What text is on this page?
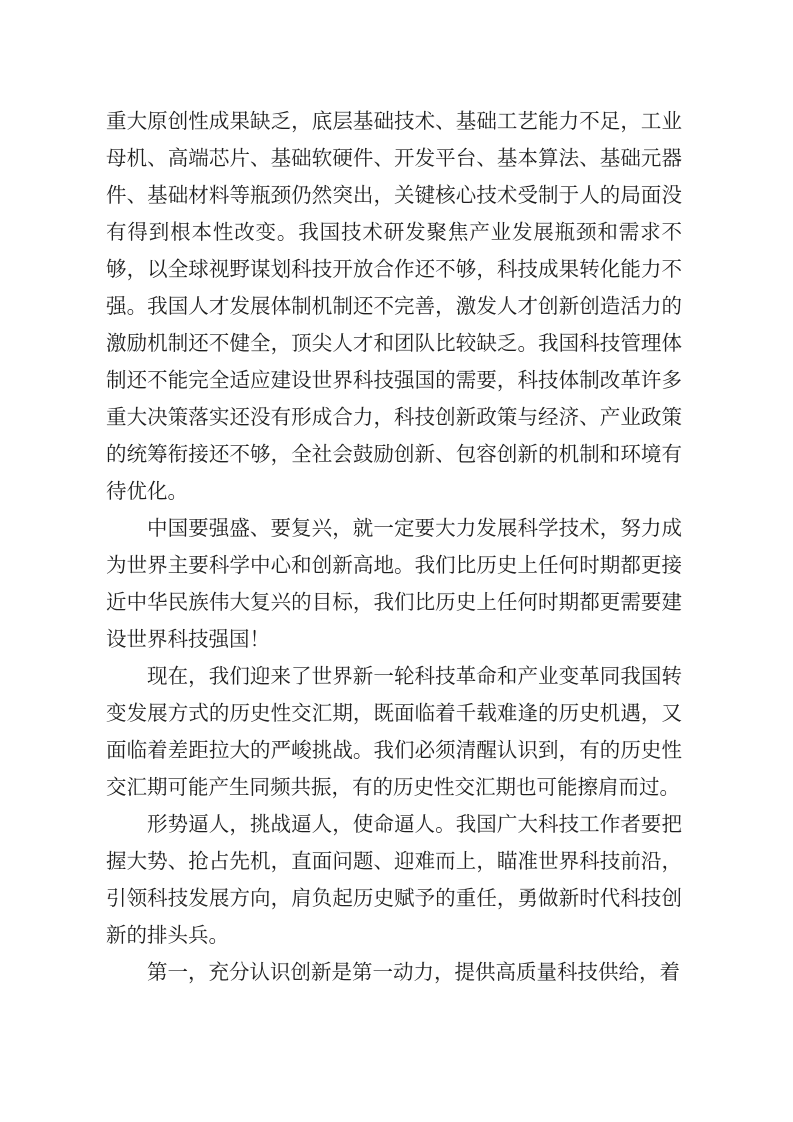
重大原创性成果缺乏，底层基础技术、基础工艺能力不足，工业母机、高端芯片、基础软硬件、开发平台、基本算法、基础元器件、基础材料等瓶颈仍然突出，关键核心技术受制于人的局面没有得到根本性改变。我国技术研发聚焦产业发展瓶颈和需求不够，以全球视野谋划科技开放合作还不够，科技成果转化能力不强。我国人才发展体制机制还不完善，激发人才创新创造活力的激励机制还不健全，顶尖人才和团队比较缺乏。我国科技管理体制还不能完全适应建设世界科技强国的需要，科技体制改革许多重大决策落实还没有形成合力，科技创新政策与经济、产业政策的统筹衔接还不够，全社会鼓励创新、包容创新的机制和环境有待优化。

中国要强盛、要复兴，就一定要大力发展科学技术，努力成为世界主要科学中心和创新高地。我们比历史上任何时期都更接近中华民族伟大复兴的目标，我们比历史上任何时期都更需要建设世界科技强国！

现在，我们迎来了世界新一轮科技革命和产业变革同我国转变发展方式的历史性交汇期，既面临着千载难逢的历史机遇，又面临着差距拉大的严峻挑战。我们必须清醒认识到，有的历史性交汇期可能产生同频共振，有的历史性交汇期也可能擦肩而过。

形势逼人，挑战逼人，使命逼人。我国广大科技工作者要把握大势、抢占先机，直面问题、迎难而上，瞄准世界科技前沿，引领科技发展方向，肩负起历史赋予的重任，勇做新时代科技创新的排头兵。

第一，充分认识创新是第一动力，提供高质量科技供给，着
